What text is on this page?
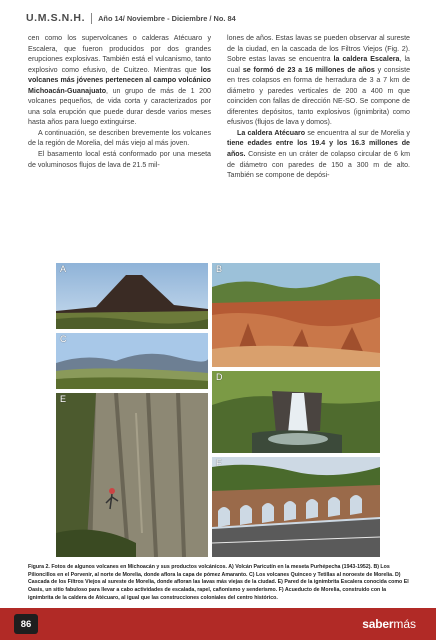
U.M.S.N.H. Año 14/ Noviembre - Diciembre / No. 84

cen como los supervolcanes o calderas Atécuaro y Escalera, que fueron producidos por dos grandes erupciones explosivas. También está el vulcanismo, tanto explosivo como efusivo, de Cuitzeo. Mientras que los volcanes más jóvenes pertenecen al campo volcánico Michoacán-Guanajuato, un grupo de más de 1 200 volcanes pequeños, de vida corta y caracterizados por una sola erupción que puede durar desde varios meses hasta años para luego extinguirse.

A continuación, se describen brevemente los volcanes de la región de Morelia, del más viejo al más joven.

El basamento local está conformado por una meseta de voluminosos flujos de lava de 21.5 mil-

lones de años. Estas lavas se pueden observar al sureste de la ciudad, en la cascada de los Filtros Viejos (Fig. 2). Sobre estas lavas se encuentra la caldera Escalera, la cual se formó de 23 a 16 millones de años y consiste en tres colapsos en forma de herradura de 3 a 7 km de diámetro y paredes verticales de 200 a 400 m que coinciden con fallas de dirección NE-SO. Se compone de diferentes depósitos, tanto explosivos (ignimbrita) como efusivos (flujos de lava y domos).

La caldera Atécuaro se encuentra al sur de Morelia y tiene edades entre los 19.4 y los 16.3 millones de años. Consiste en un cráter de colapso circular de 6 km de diámetro con paredes de 150 a 300 m de alto. También se compone de depósi-

A	B
C
D
E
F
Figura 2. Fotos de algunos volcanes en Michoacán y sus productos volcánicos. A) Volcán Paricutín en la meseta Purhépecha (1943-1952). B) Los Pilioncillos en el Porvenir, al norte de Morelia, donde aflora la capa de pómez Amaranto. C) Los volcanes Quinceo y Tetillas al noroeste de Morelia. D) Cascada de los Filtros Viejos al sureste de Morelia, donde afloran las lavas más viejas de la ciudad. E) Pared de la ignimbrita Escalera conocida como El Oasis, un sitio fabuloso para llevar a cabo actividades de escalada, rapel, cañonismo y senderismo. F) Acueducto de Morelia, construido con la ignimbrita de la caldera de Atécuaro, al igual que las construcciones coloniales del centro histórico.
86	saber más
